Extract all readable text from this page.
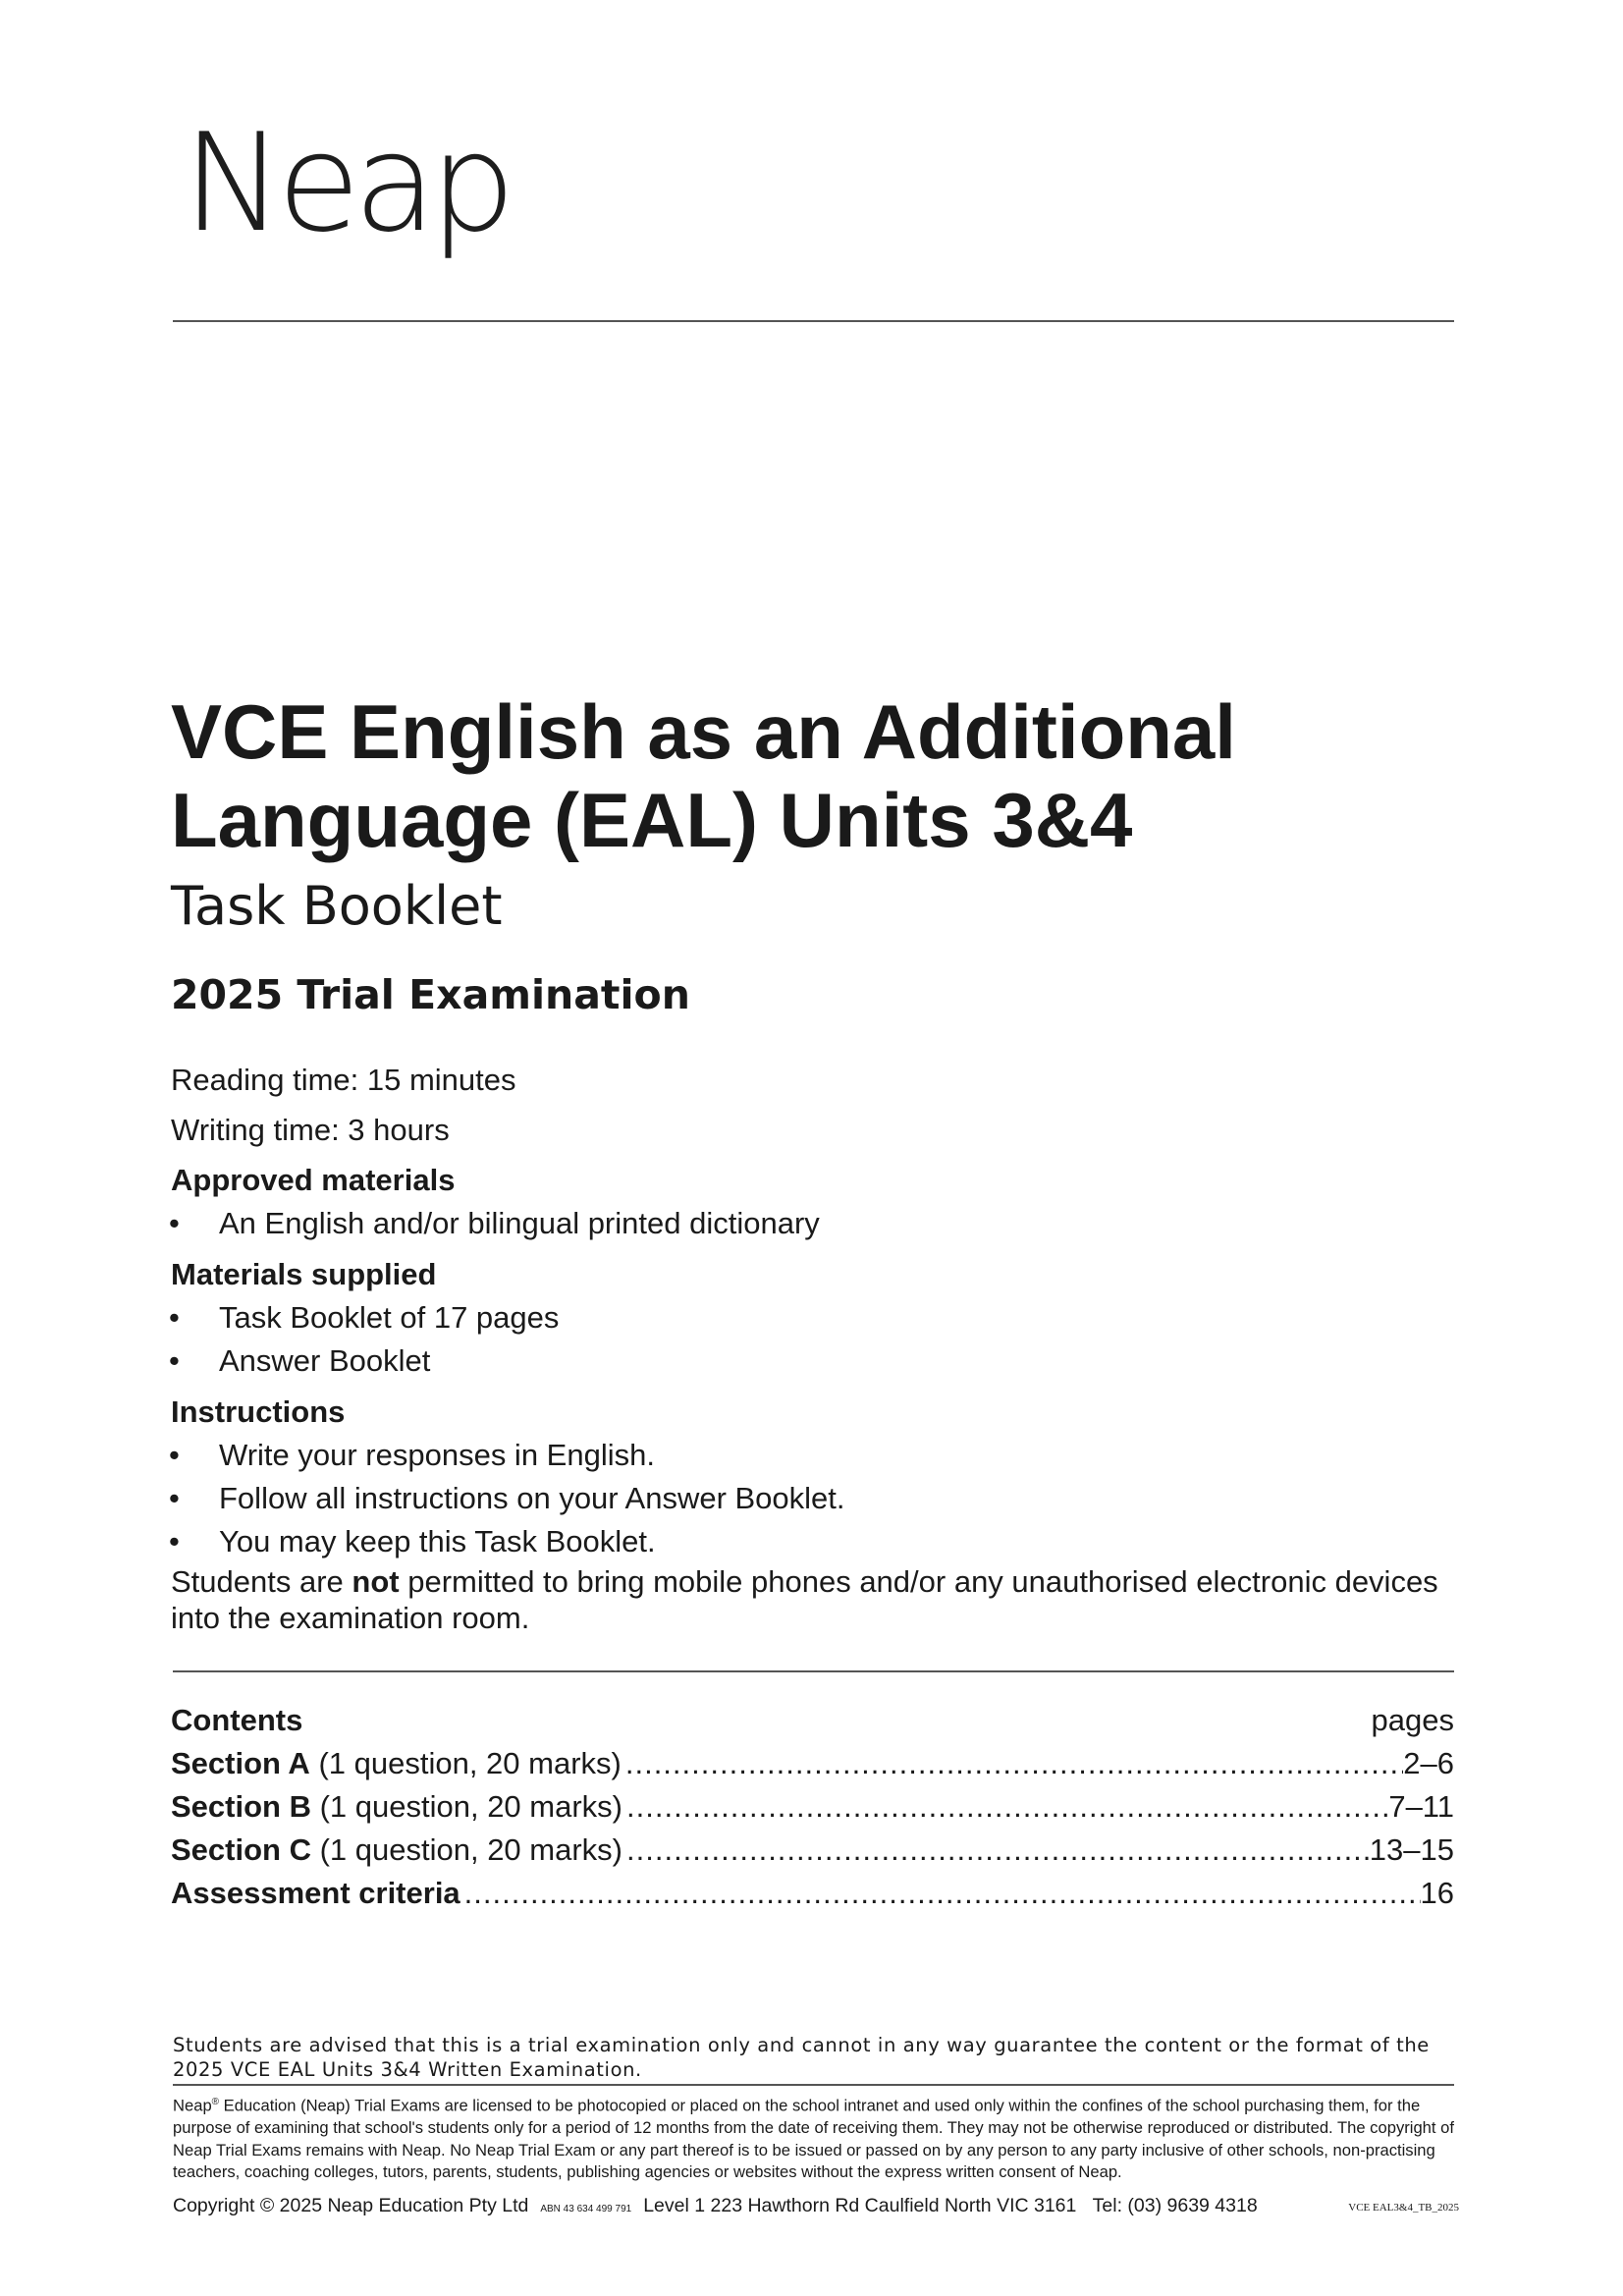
Neap
VCE English as an Additional
Language (EAL) Units 3&4
Task Booklet
2025 Trial Examination
Reading time: 15 minutes
Writing time: 3 hours
Approved materials
• An English and/or bilingual printed dictionary
Materials supplied
• Task Booklet of 17 pages
• Answer Booklet
Instructions
• Write your responses in English.
• Follow all instructions on your Answer Booklet.
• You may keep this Task Booklet.
Students are not permitted to bring mobile phones and/or any unauthorised electronic devices into the examination room.
Contents	pages
Section A (1 question, 20 marks) .....	2–6
Section B (1 question, 20 marks) .....	7–11
Section C (1 question, 20 marks) .....	13–15
Assessment criteria .....	16
Students are advised that this is a trial examination only and cannot in any way guarantee the content or the format of the 2025 VCE EAL Units 3&4 Written Examination.
Neap® Education (Neap) Trial Exams are licensed to be photocopied or placed on the school intranet and used only within the confines of the school purchasing them, for the purpose of examining that school's students only for a period of 12 months from the date of receiving them. They may not be otherwise reproduced or distributed. The copyright of Neap Trial Exams remains with Neap. No Neap Trial Exam or any part thereof is to be issued or passed on by any person to any party inclusive of other schools, non-practising teachers, coaching colleges, tutors, parents, students, publishing agencies or websites without the express written consent of Neap.
Copyright © 2025 Neap Education Pty Ltd ABN 43 634 499 791 Level 1 223 Hawthorn Rd Caulfield North VIC 3161 Tel: (03) 9639 4318	VCE EAL3&4_TB_2025
